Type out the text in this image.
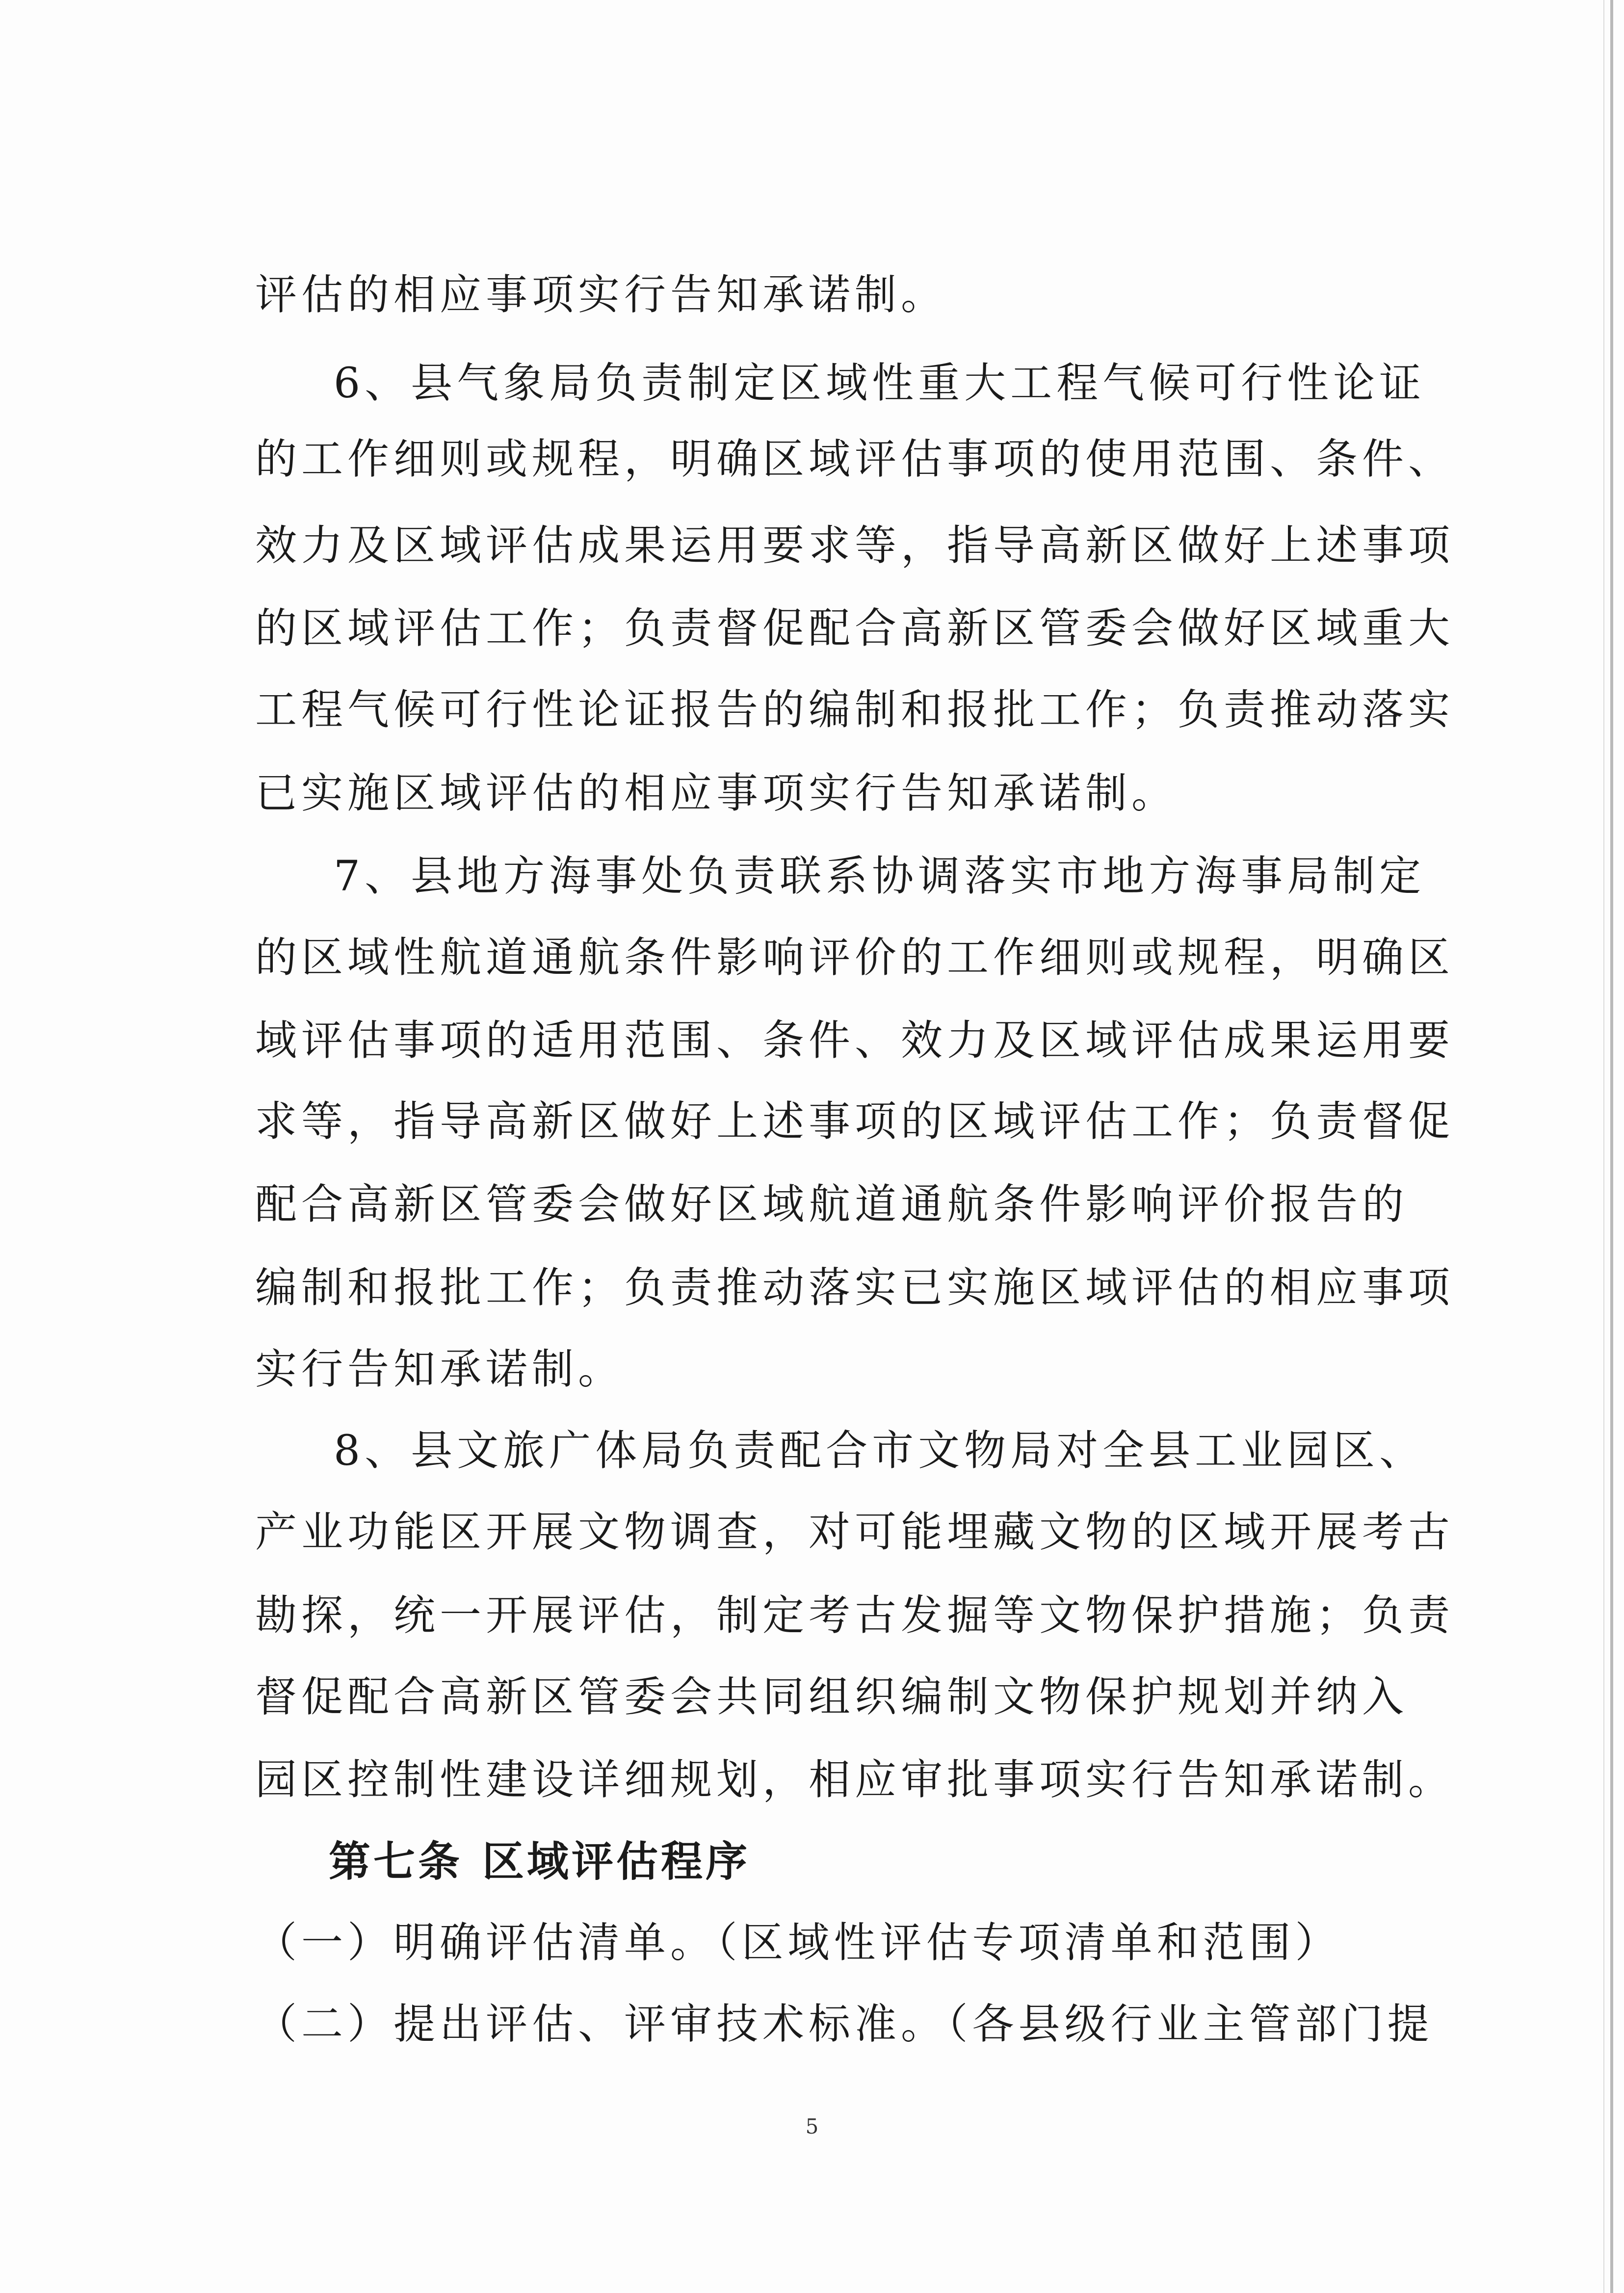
评估的相应事项实行告知承诺制。
6、县气象局负责制定区域性重大工程气候可行性论证
的工作细则或规程，明确区域评估事项的使用范围、条件、
效力及区域评估成果运用要求等，指导高新区做好上述事项
的区域评估工作；负责督促配合高新区管委会做好区域重大
工程气候可行性论证报告的编制和报批工作；负责推动落实
已实施区域评估的相应事项实行告知承诺制。
7、县地方海事处负责联系协调落实市地方海事局制定
的区域性航道通航条件影响评价的工作细则或规程，明确区
域评估事项的适用范围、条件、效力及区域评估成果运用要
求等，指导高新区做好上述事项的区域评估工作；负责督促
配合高新区管委会做好区域航道通航条件影响评价报告的
编制和报批工作；负责推动落实已实施区域评估的相应事项
实行告知承诺制。
8、县文旅广体局负责配合市文物局对全县工业园区、
产业功能区开展文物调查，对可能埋藏文物的区域开展考古
勘探，统一开展评估，制定考古发掘等文物保护措施；负责
督促配合高新区管委会共同组织编制文物保护规划并纳入
园区控制性建设详细规划，相应审批事项实行告知承诺制。
第七条 区域评估程序
（一）明确评估清单。（区域性评估专项清单和范围）
（二）提出评估、评审技术标准。（各县级行业主管部门提
5
